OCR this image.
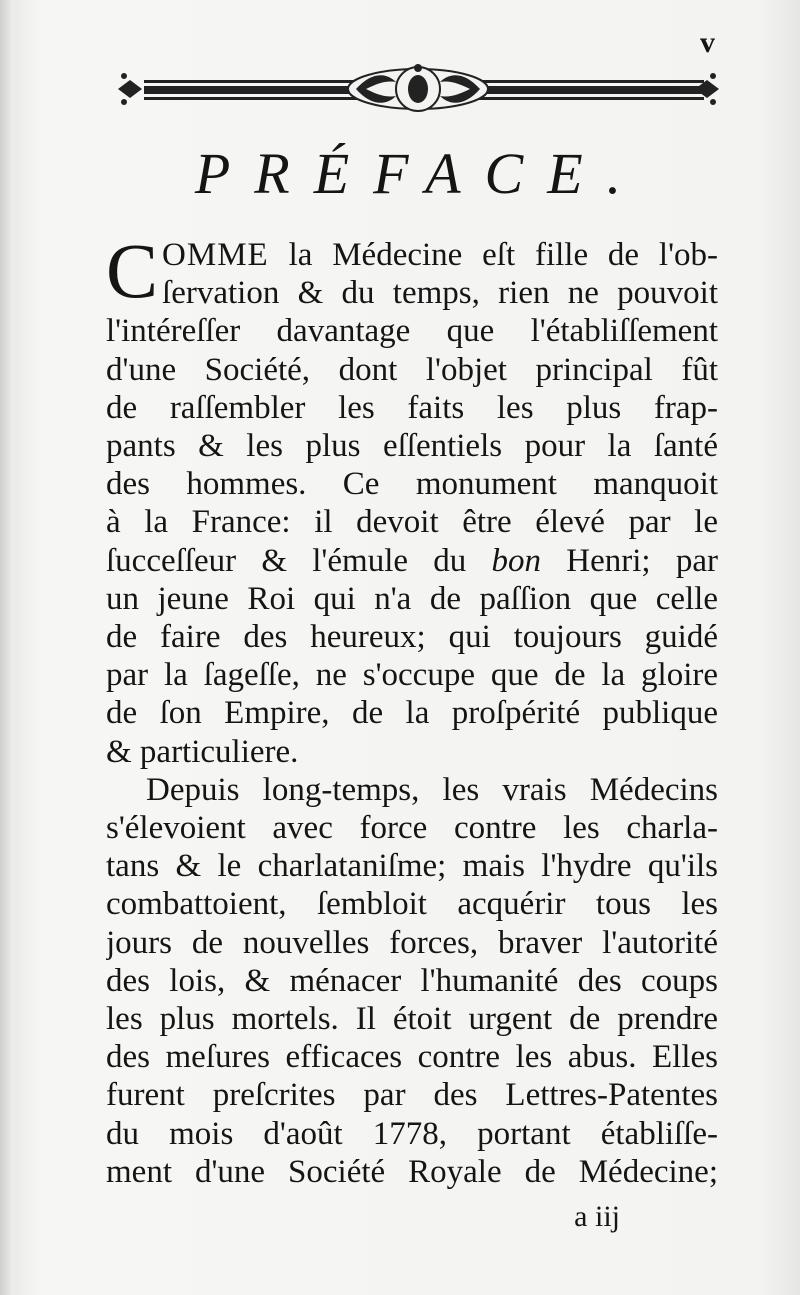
v
PRÉFACE.
C OMME la Médecine eſt fille de l'ob-
ſervation & du temps, rien ne pouvoit
l'intéreſſer davantage que l'établiſſement
d'une Société, dont l'objet principal fût
de raſſembler les faits les plus frap-
pants & les plus eſſentiels pour la ſanté
des hommes. Ce monument manquoit
à la France: il devoit être élevé par le
ſucceſſeur & l'émule du bon Henri; par
un jeune Roi qui n'a de paſſion que celle
de faire des heureux; qui toujours guidé
par la ſageſſe, ne s'occupe que de la gloire
de ſon Empire, de la proſpérité publique
& particuliere.
Depuis long-temps, les vrais Médecins
s'élevoient avec force contre les charla-
tans & le charlataniſme; mais l'hydre qu'ils
combattoient, ſembloit acquérir tous les
jours de nouvelles forces, braver l'autorité
des lois, & ménacer l'humanité des coups
les plus mortels. Il étoit urgent de prendre
des meſures efficaces contre les abus. Elles
furent preſcrites par des Lettres-Patentes
du mois d'août 1778, portant établiſſe-
ment d'une Société Royale de Médecine;
a iij
